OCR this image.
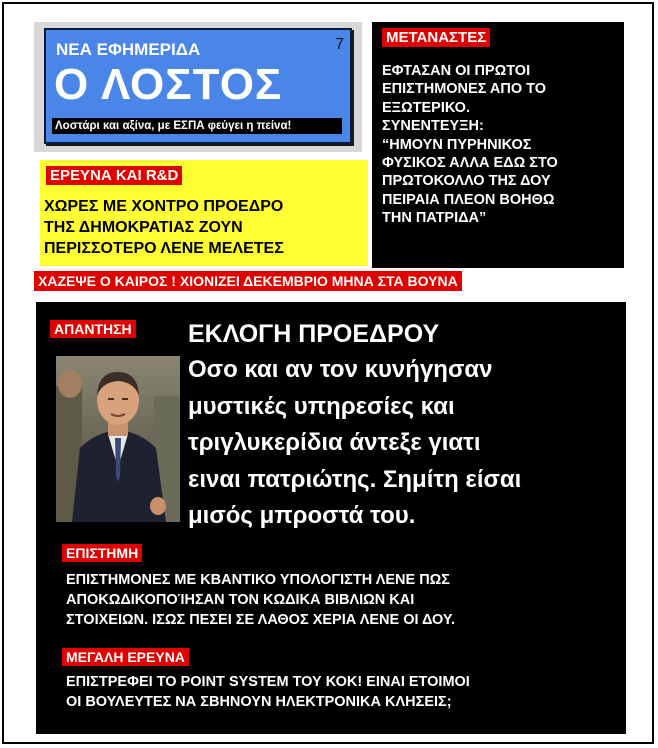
ΝΕΑ ΕΦΗΜΕΡΙΔΑ	7
Ο ΛΟΣΤΟΣ
Λοστάρι και αξίνα, με ΕΣΠΑ φεύγει η πείνα!
ΜΕΤΑΝΑΣΤΕΣ
ΕΦΤΑΣΑΝ ΟΙ ΠΡΩΤΟΙ
ΕΠΙΣΤΗΜΟΝΕΣ ΑΠΟ ΤΟ
ΕΞΩΤΕΡΙΚΟ.
ΣΥΝΕΝΤΕΥΞΗ:
“ΗΜΟΥΝ ΠΥΡΗΝΙΚΟΣ
ΦΥΣΙΚΟΣ ΑΛΛΑ ΕΔΩ ΣΤΟ
ΠΡΩΤΟΚΟΛΛΟ ΤΗΣ ΔΟΥ
ΠΕΙΡΑΙΑ ΠΛΕΟΝ ΒΟΗΘΩ
ΤΗΝ ΠΑΤΡΙΔΑ”
ΕΡΕΥΝΑ ΚΑΙ R&D
ΧΩΡΕΣ ΜΕ ΧΟΝΤΡΟ ΠΡΟΕΔΡΟ
ΤΗΣ ΔΗΜΟΚΡΑΤΙΑΣ ΖΟΥΝ
ΠΕΡΙΣΣΟΤΕΡΟ ΛΕΝΕ ΜΕΛΕΤΕΣ
ΧΑΖΕΨΕ Ο ΚΑΙΡΟΣ ! ΧΙΟΝΙΖΕΙ ΔΕΚΕΜΒΡΙΟ ΜΗΝΑ ΣΤΑ ΒΟΥΝΑ
ΑΠΑΝΤΗΣΗ ΕΚΛΟΓΗ ΠΡΟΕΔΡΟΥ
Οσο και αν τον κυνήγησαν
μυστικές υπηρεσίες και
τριγλυκερίδια άντεξε γιατι
ειναι πατριώτης. Σημίτη είσαι
μισός μπροστά του.
ΕΠΙΣΤΗΜΗ
ΕΠΙΣΤΗΜΟΝΕΣ ΜΕ ΚΒΑΝΤΙΚΟ ΥΠΟΛΟΓΙΣΤΗ ΛΕΝΕ ΠΩΣ
ΑΠΟΚΩΔΙΚΟΠΟΊΗΣΑΝ ΤΟΝ ΚΩΔΙΚΑ ΒΙΒΛΙΩΝ ΚΑΙ
ΣΤΟΙΧΕΙΩΝ. ΙΣΩΣ ΠΕΣΕΙ ΣΕ ΛΑΘΟΣ ΧΕΡΙΑ ΛΕΝΕ ΟΙ ΔΟΥ.
ΜΕΓΑΛΗ ΕΡΕΥΝΑ
ΕΠΙΣΤΡΕΦΕΙ ΤΟ POINT SYSTEM ΤΟΥ ΚΟΚ! ΕΙΝΑΙ ΕΤΟΙΜΟΙ
ΟΙ ΒΟΥΛΕΥΤΕΣ ΝΑ ΣΒΗΝΟΥΝ ΗΛΕΚΤΡΟΝΙΚΑ ΚΛΗΣΕΙΣ;
